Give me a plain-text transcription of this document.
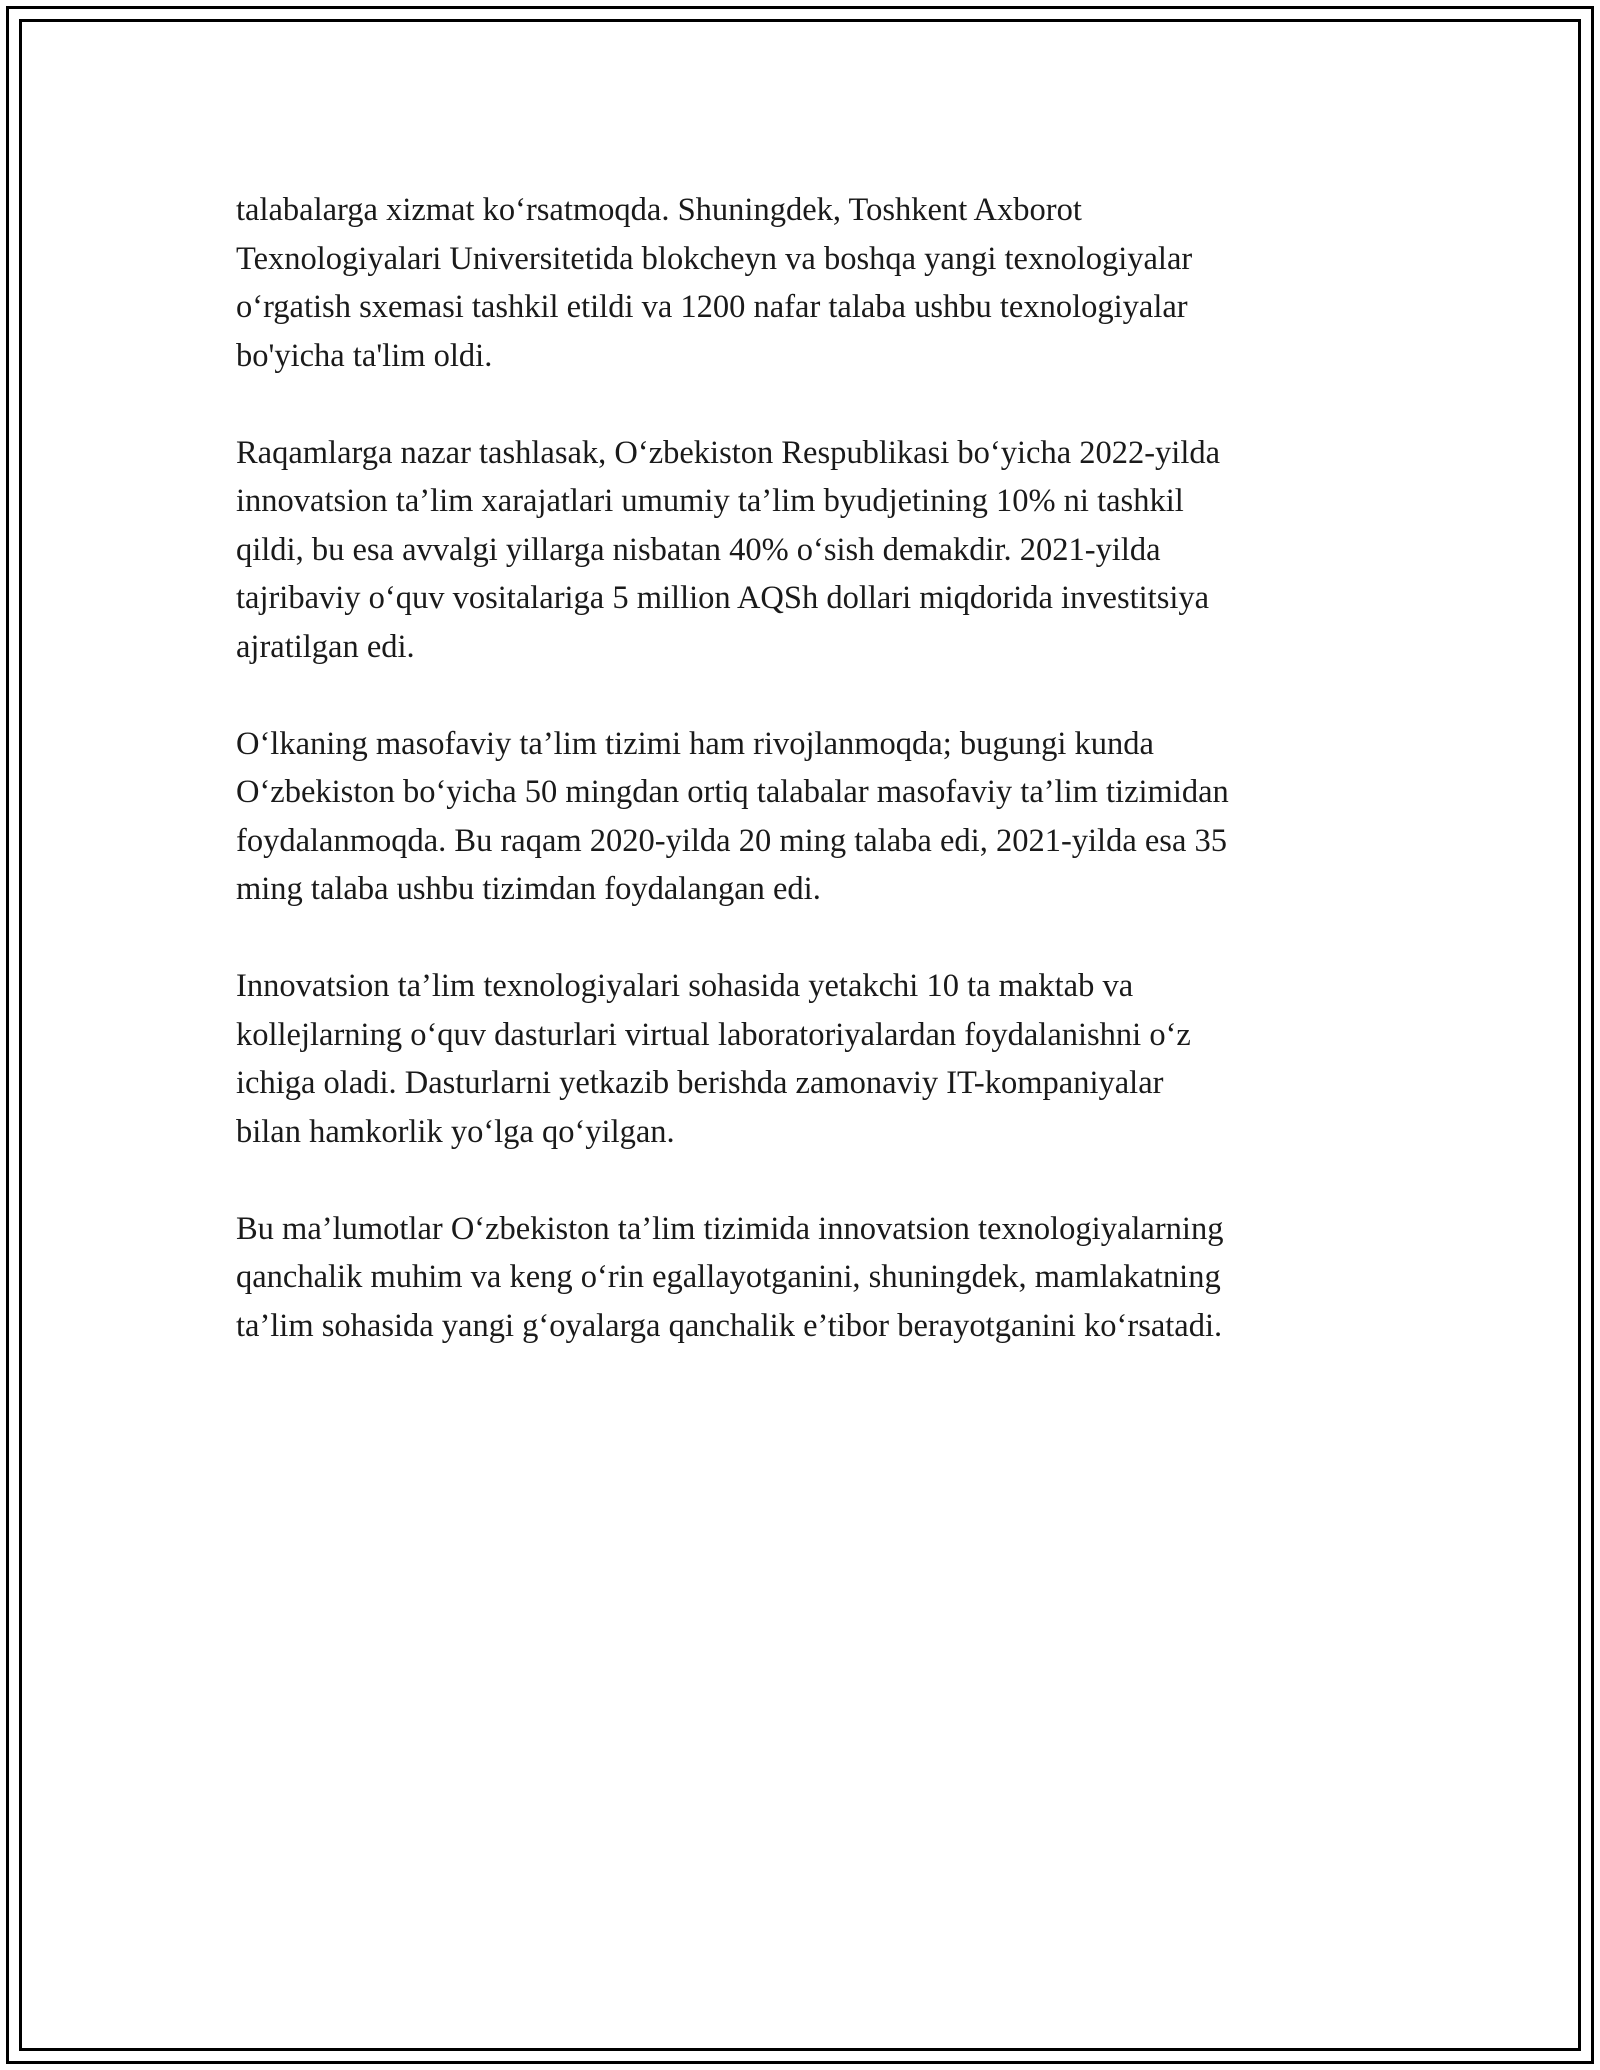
talabalarga xizmat ko‘rsatmoqda. Shuningdek, Toshkent Axborot
Texnologiyalari Universitetida blokcheyn va boshqa yangi texnologiyalar
o‘rgatish sxemasi tashkil etildi va 1200 nafar talaba ushbu texnologiyalar
bo'yicha ta'lim oldi.

Raqamlarga nazar tashlasak, O‘zbekiston Respublikasi bo‘yicha 2022-yilda
innovatsion ta’lim xarajatlari umumiy ta’lim byudjetining 10% ni tashkil
qildi, bu esa avvalgi yillarga nisbatan 40% o‘sish demakdir. 2021-yilda
tajribaviy o‘quv vositalariga 5 million AQSh dollari miqdorida investitsiya
ajratilgan edi.

O‘lkaning masofaviy ta’lim tizimi ham rivojlanmoqda; bugungi kunda
O‘zbekiston bo‘yicha 50 mingdan ortiq talabalar masofaviy ta’lim tizimidan
foydalanmoqda. Bu raqam 2020-yilda 20 ming talaba edi, 2021-yilda esa 35
ming talaba ushbu tizimdan foydalangan edi.

Innovatsion ta’lim texnologiyalari sohasida yetakchi 10 ta maktab va
kollejlarning o‘quv dasturlari virtual laboratoriyalardan foydalanishni o‘z
ichiga oladi. Dasturlarni yetkazib berishda zamonaviy IT-kompaniyalar
bilan hamkorlik yo‘lga qo‘yilgan.

Bu ma’lumotlar O‘zbekiston ta’lim tizimida innovatsion texnologiyalarning
qanchalik muhim va keng o‘rin egallayotganini, shuningdek, mamlakatning
ta’lim sohasida yangi g‘oyalarga qanchalik e’tibor berayotganini ko‘rsatadi.
